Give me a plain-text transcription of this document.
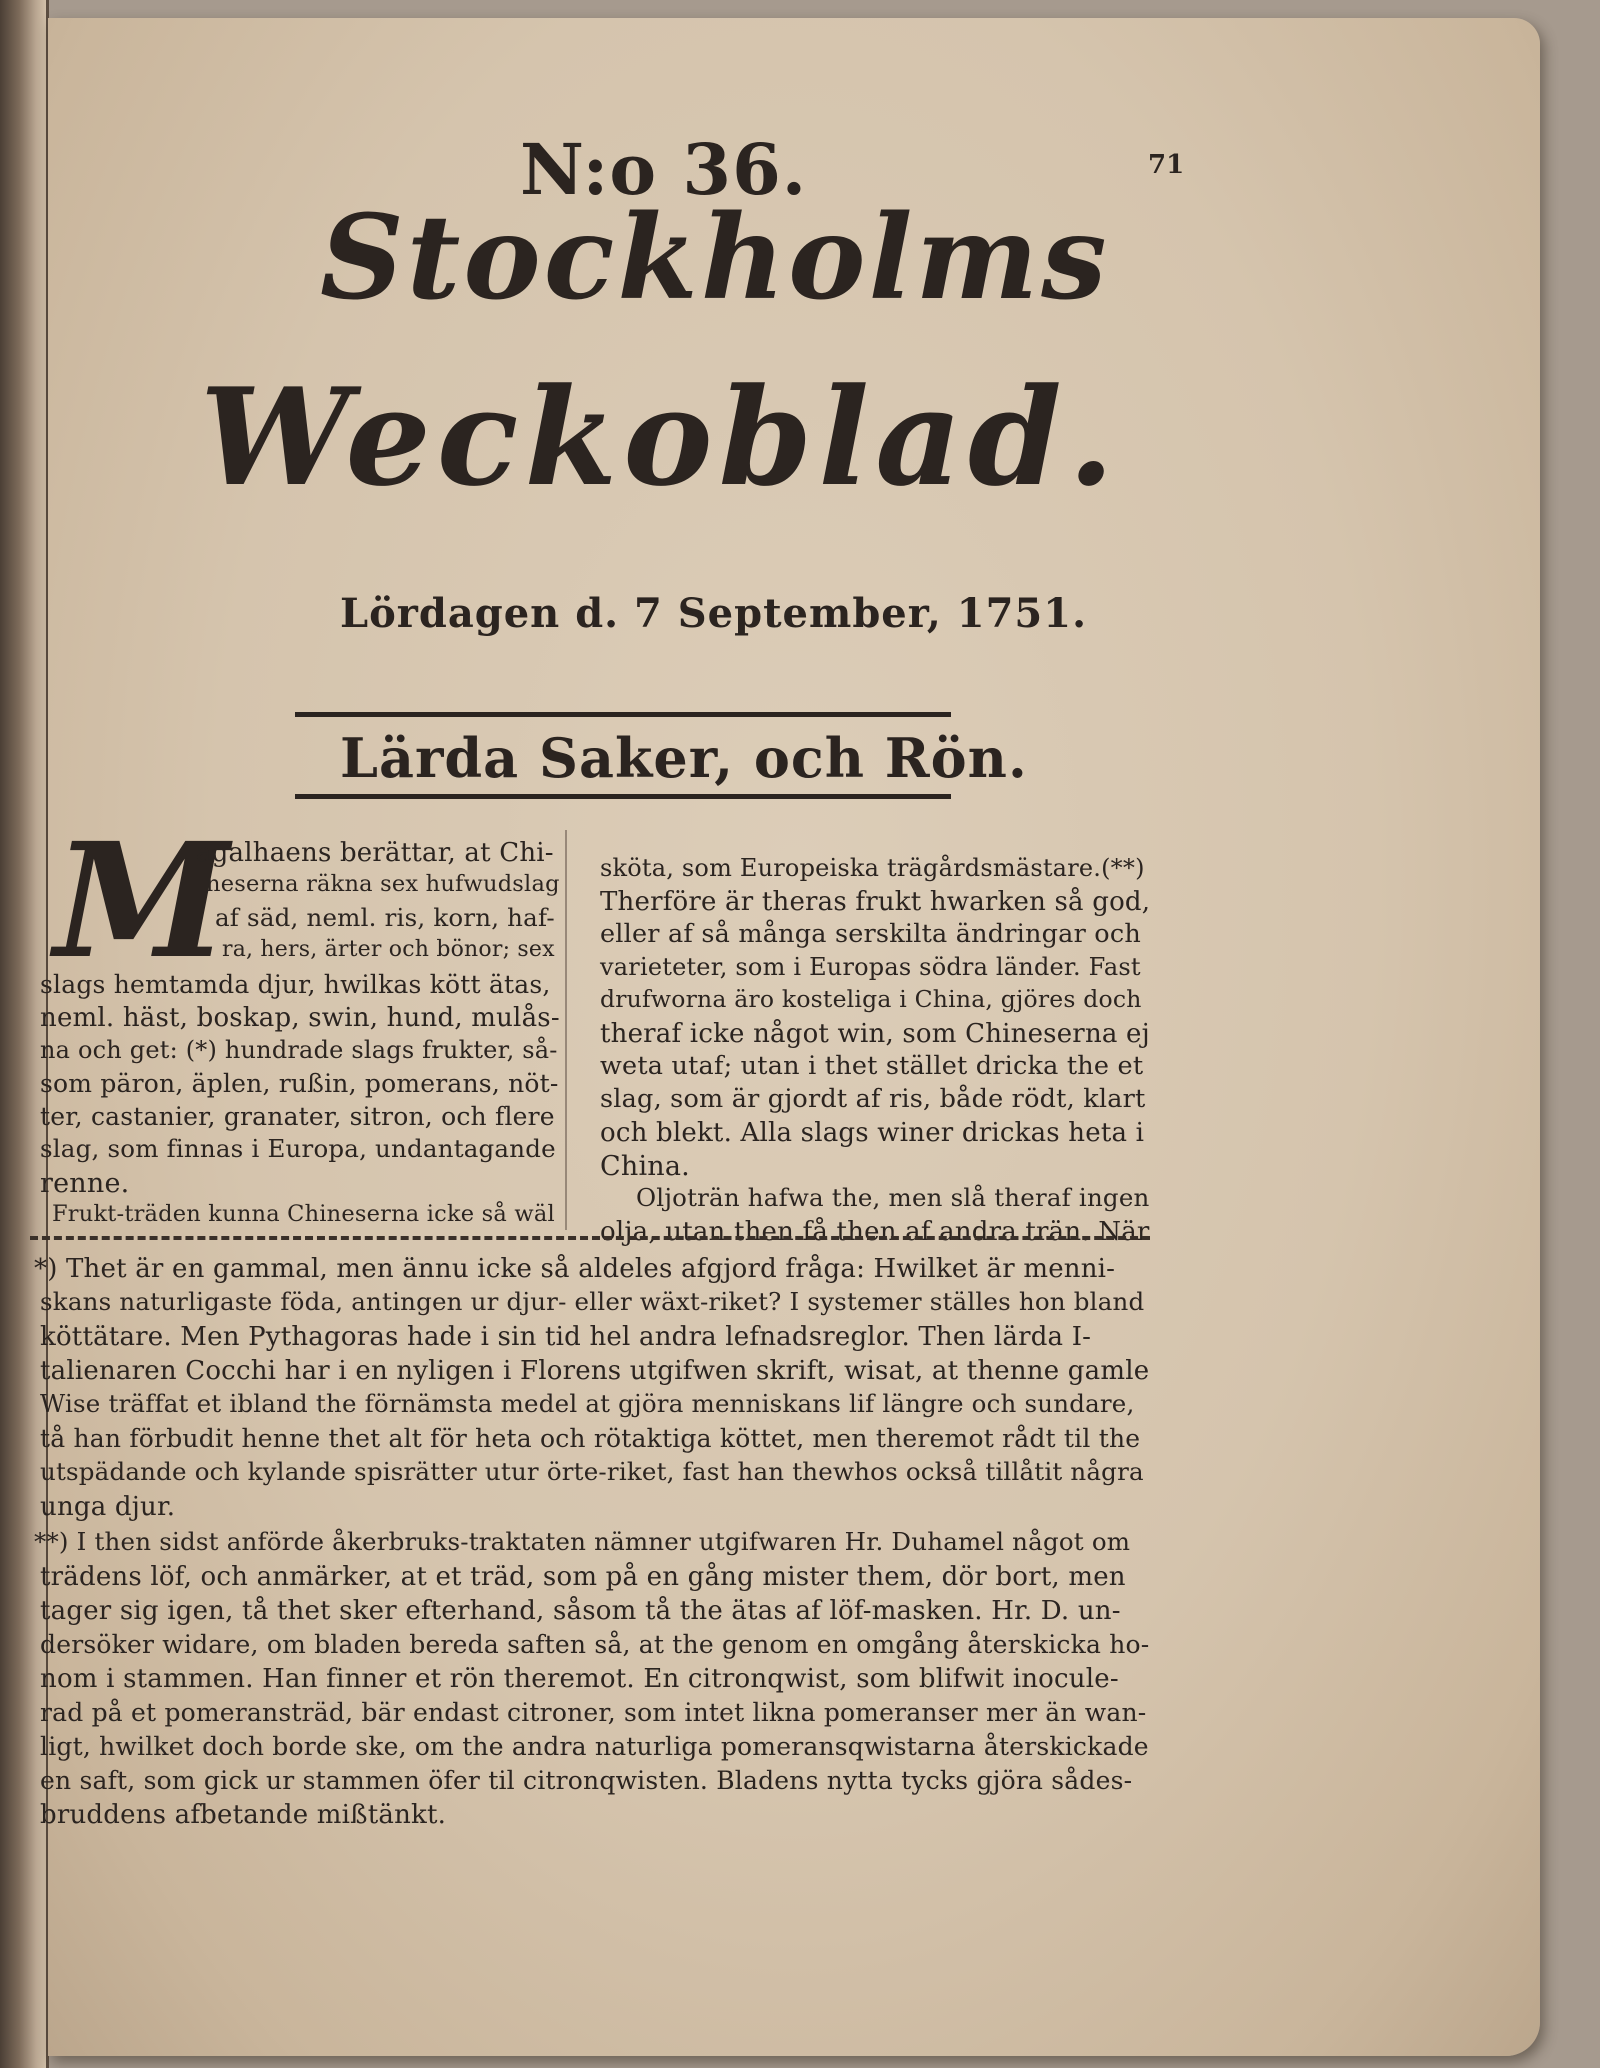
N:o 36.	71
Stockholms
Weckoblad.
Lördagen d. 7 September, 1751.
Lärda Saker, och Rön.
M
agalhaens berättar, at Chi-
neserna räkna sex hufwudslag
af säd, neml. ris, korn, haf-
ra, hers, ärter och bönor; sex
slags hemtamda djur, hwilkas kött ätas,
neml. häst, boskap, swin, hund, mulås-
na och get: (*) hundrade slags frukter, så-
som päron, äplen, rußin, pomerans, nöt-
ter, castanier, granater, sitron, och flere
slag, som finnas i Europa, undantagande
renne.
Frukt-träden kunna Chineserna icke så wäl
sköta, som Europeiska trägårdsmästare.(**)
Therföre är theras frukt hwarken så god,
eller af så många serskilta ändringar och
varieteter, som i Europas södra länder. Fast
drufworna äro kosteliga i China, gjöres doch
theraf icke något win, som Chineserna ej
weta utaf; utan i thet stället dricka the et
slag, som är gjordt af ris, både rödt, klart
och blekt. Alla slags winer drickas heta i
China.
Oljoträn hafwa the, men slå theraf ingen
olja, utan then få then af andra trän. När
*) Thet är en gammal, men ännu icke så aldeles afgjord fråga: Hwilket är menni-
skans naturligaste föda, antingen ur djur- eller wäxt-riket? I systemer ställes hon bland
köttätare. Men Pythagoras hade i sin tid hel andra lefnadsreglor. Then lärda I-
talienaren Cocchi har i en nyligen i Florens utgifwen skrift, wisat, at thenne gamle
Wise träffat et ibland the förnämsta medel at gjöra menniskans lif längre och sundare,
tå han förbudit henne thet alt för heta och rötaktiga köttet, men theremot rådt til the
utspädande och kylande spisrätter utur örte-riket, fast han thewhos också tillåtit några
unga djur.
**) I then sidst anförde åkerbruks-traktaten nämner utgifwaren Hr. Duhamel något om
trädens löf, och anmärker, at et träd, som på en gång mister them, dör bort, men
tager sig igen, tå thet sker efterhand, såsom tå the ätas af löf-masken. Hr. D. un-
dersöker widare, om bladen bereda saften så, at the genom en omgång återskicka ho-
nom i stammen. Han finner et rön theremot. En citronqwist, som blifwit inocule-
rad på et pomeransträd, bär endast citroner, som intet likna pomeranser mer än wan-
ligt, hwilket doch borde ske, om the andra naturliga pomeransqwistarna återskickade
en saft, som gick ur stammen öfer til citronqwisten. Bladens nytta tycks gjöra sådes-
bruddens afbetande mißtänkt.
